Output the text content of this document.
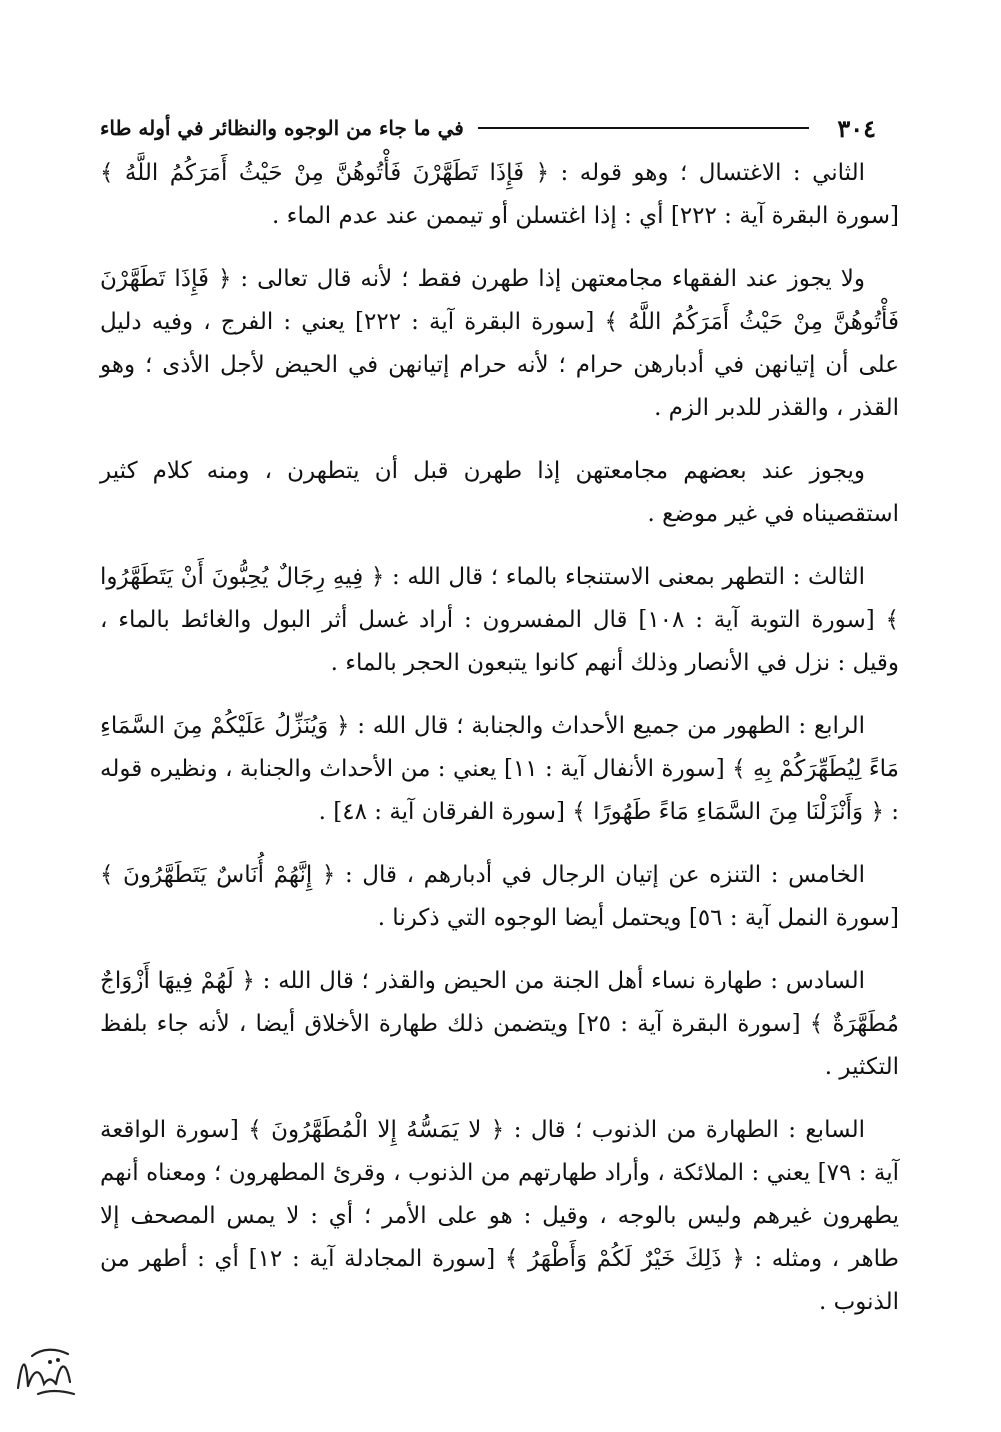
٣٠٤
في ما جاء من الوجوه والنظائر في أوله طاء

الثاني : الاغتسال ؛ وهو قوله : ﴿ فَإِذَا تَطَهَّرْنَ فَأْتُوهُنَّ مِنْ حَيْثُ أَمَرَكُمُ اللَّهُ ﴾ [سورة البقرة آية : ٢٢٢] أي : إذا اغتسلن أو تيممن عند عدم الماء .

ولا يجوز عند الفقهاء مجامعتهن إذا طهرن فقط ؛ لأنه قال تعالى : ﴿ فَإِذَا تَطَهَّرْنَ فَأْتُوهُنَّ مِنْ حَيْثُ أَمَرَكُمُ اللَّهُ ﴾ [سورة البقرة آية : ٢٢٢] يعني : الفرج ، وفيه دليل على أن إتيانهن في أدبارهن حرام ؛ لأنه حرام إتيانهن في الحيض لأجل الأذى ؛ وهو القذر ، والقذر للدبر الزم .

ويجوز عند بعضهم مجامعتهن إذا طهرن قبل أن يتطهرن ، ومنه كلام كثير استقصيناه في غير موضع .

الثالث : التطهر بمعنى الاستنجاء بالماء ؛ قال الله : ﴿ فِيهِ رِجَالٌ يُحِبُّونَ أَنْ يَتَطَهَّرُوا ﴾ [سورة التوبة آية : ١٠٨] قال المفسرون : أراد غسل أثر البول والغائط بالماء ، وقيل : نزل في الأنصار وذلك أنهم كانوا يتبعون الحجر بالماء .

الرابع : الطهور من جميع الأحداث والجنابة ؛ قال الله : ﴿ وَيُنَزِّلُ عَلَيْكُمْ مِنَ السَّمَاءِ مَاءً لِيُطَهِّرَكُمْ بِهِ ﴾ [سورة الأنفال آية : ١١] يعني : من الأحداث والجنابة ، ونظيره قوله : ﴿ وَأَنْزَلْنَا مِنَ السَّمَاءِ مَاءً طَهُورًا ﴾ [سورة الفرقان آية : ٤٨] .

الخامس : التنزه عن إتيان الرجال في أدبارهم ، قال : ﴿ إِنَّهُمْ أُنَاسٌ يَتَطَهَّرُونَ ﴾ [سورة النمل آية : ٥٦] ويحتمل أيضا الوجوه التي ذكرنا .

السادس : طهارة نساء أهل الجنة من الحيض والقذر ؛ قال الله : ﴿ لَهُمْ فِيهَا أَزْوَاجٌ مُطَهَّرَةٌ ﴾ [سورة البقرة آية : ٢٥] ويتضمن ذلك طهارة الأخلاق أيضا ، لأنه جاء بلفظ التكثير .

السابع : الطهارة من الذنوب ؛ قال : ﴿ لا يَمَسُّهُ إِلا الْمُطَهَّرُونَ ﴾ [سورة الواقعة آية : ٧٩] يعني : الملائكة ، وأراد طهارتهم من الذنوب ، وقرئ المطهرون ؛ ومعناه أنهم يطهرون غيرهم وليس بالوجه ، وقيل : هو على الأمر ؛ أي : لا يمس المصحف إلا طاهر ، ومثله : ﴿ ذَلِكَ خَيْرٌ لَكُمْ وَأَطْهَرُ ﴾ [سورة المجادلة آية : ١٢] أي : أطهر من الذنوب .
